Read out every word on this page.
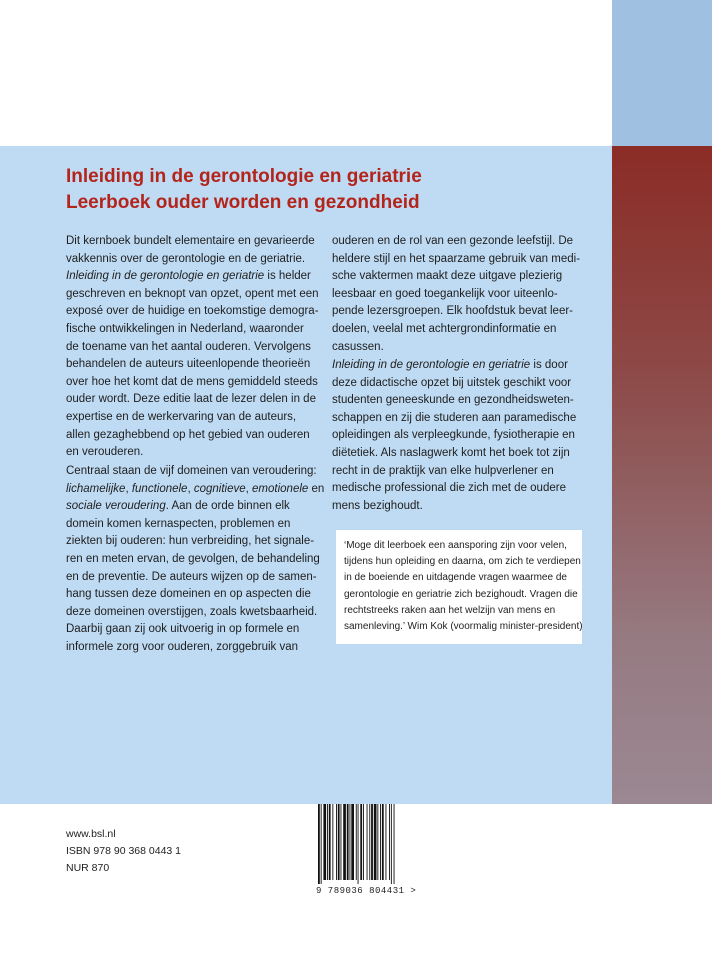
Inleiding in de gerontologie en geriatrie
Leerboek ouder worden en gezondheid

Dit kernboek bundelt elementaire en gevarieerde
vakkennis over de gerontologie en de geriatrie.
Inleiding in de gerontologie en geriatrie is helder
geschreven en beknopt van opzet, opent met een
exposé over de huidige en toekomstige demogra-
fische ontwikkelingen in Nederland, waaronder
de toename van het aantal ouderen. Vervolgens
behandelen de auteurs uiteenlopende theorieën
over hoe het komt dat de mens gemiddeld steeds
ouder wordt. Deze editie laat de lezer delen in de
expertise en de werkervaring van de auteurs,
allen gezaghebbend op het gebied van ouderen
en verouderen.

Centraal staan de vijf domeinen van veroudering:
lichamelijke, functionele, cognitieve, emotionele en
sociale veroudering. Aan de orde binnen elk
domein komen kernaspecten, problemen en
ziekten bij ouderen: hun verbreiding, het signale-
ren en meten ervan, de gevolgen, de behandeling
en de preventie. De auteurs wijzen op de samen-
hang tussen deze domeinen en op aspecten die
deze domeinen overstijgen, zoals kwetsbaarheid.
Daarbij gaan zij ook uitvoerig in op formele en
informele zorg voor ouderen, zorggebruik van

ouderen en de rol van een gezonde leefstijl. De
heldere stijl en het spaarzame gebruik van medi-
sche vaktermen maakt deze uitgave plezierig
leesbaar en goed toegankelijk voor uiteenlo-
pende lezersgroepen. Elk hoofdstuk bevat leer-
doelen, veelal met achtergrondinformatie en
casussen.

Inleiding in de gerontologie en geriatrie is door
deze didactische opzet bij uitstek geschikt voor
studenten geneeskunde en gezondheidsweten-
schappen en zij die studeren aan paramedische
opleidingen als verpleegkunde, fysiotherapie en
diëtetiek. Als naslagwerk komt het boek tot zijn
recht in de praktijk van elke hulpverlener en
medische professional die zich met de oudere
mens bezighoudt.

‘Moge dit leerboek een aansporing zijn voor velen,
tijdens hun opleiding en daarna, om zich te verdiepen
in de boeiende en uitdagende vragen waarmee de
gerontologie en geriatrie zich bezighoudt. Vragen die
rechtstreeks raken aan het welzijn van mens en
samenleving.’ Wim Kok (voormalig minister-president)
www.bsl.nl
ISBN 978 90 368 0443 1
NUR 870
9 789036 804431 >
